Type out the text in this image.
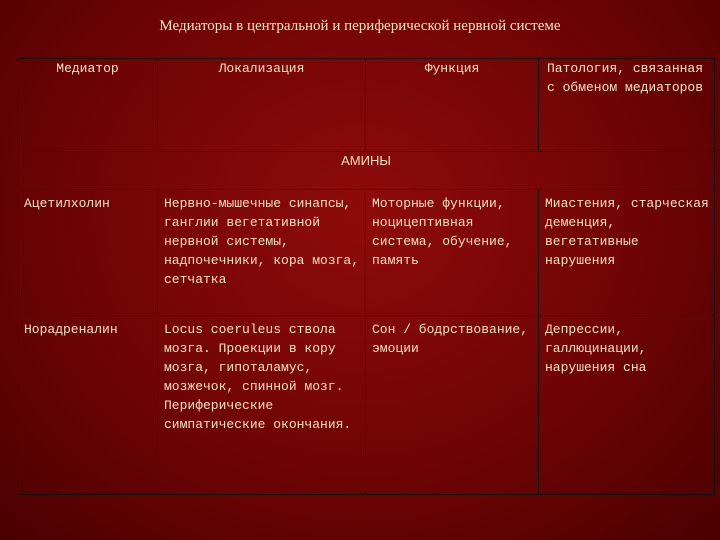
Медиаторы в центральной и периферической нервной системе
Медиатор	Локализация	Функция	Патология, связанная с обменом медиаторов

АМИНЫ			

Ацетилхолин	Нервно-мышечные синапсы, ганглии вегетативной нервной системы, надпочечники, кора мозга, сетчатка	Моторные функции, ноцицептивная система, обучение, память	Миастения, старческая деменция, вегетативные нарушения

Норадреналин	Locus coeruleus ствола мозга. Проекции в кору мозга, гипоталамус, мозжечок, спинной мозг. Периферические симпатические окончания.	Сон / бодрствование, эмоции	Депрессии, галлюцинации, нарушения сна
